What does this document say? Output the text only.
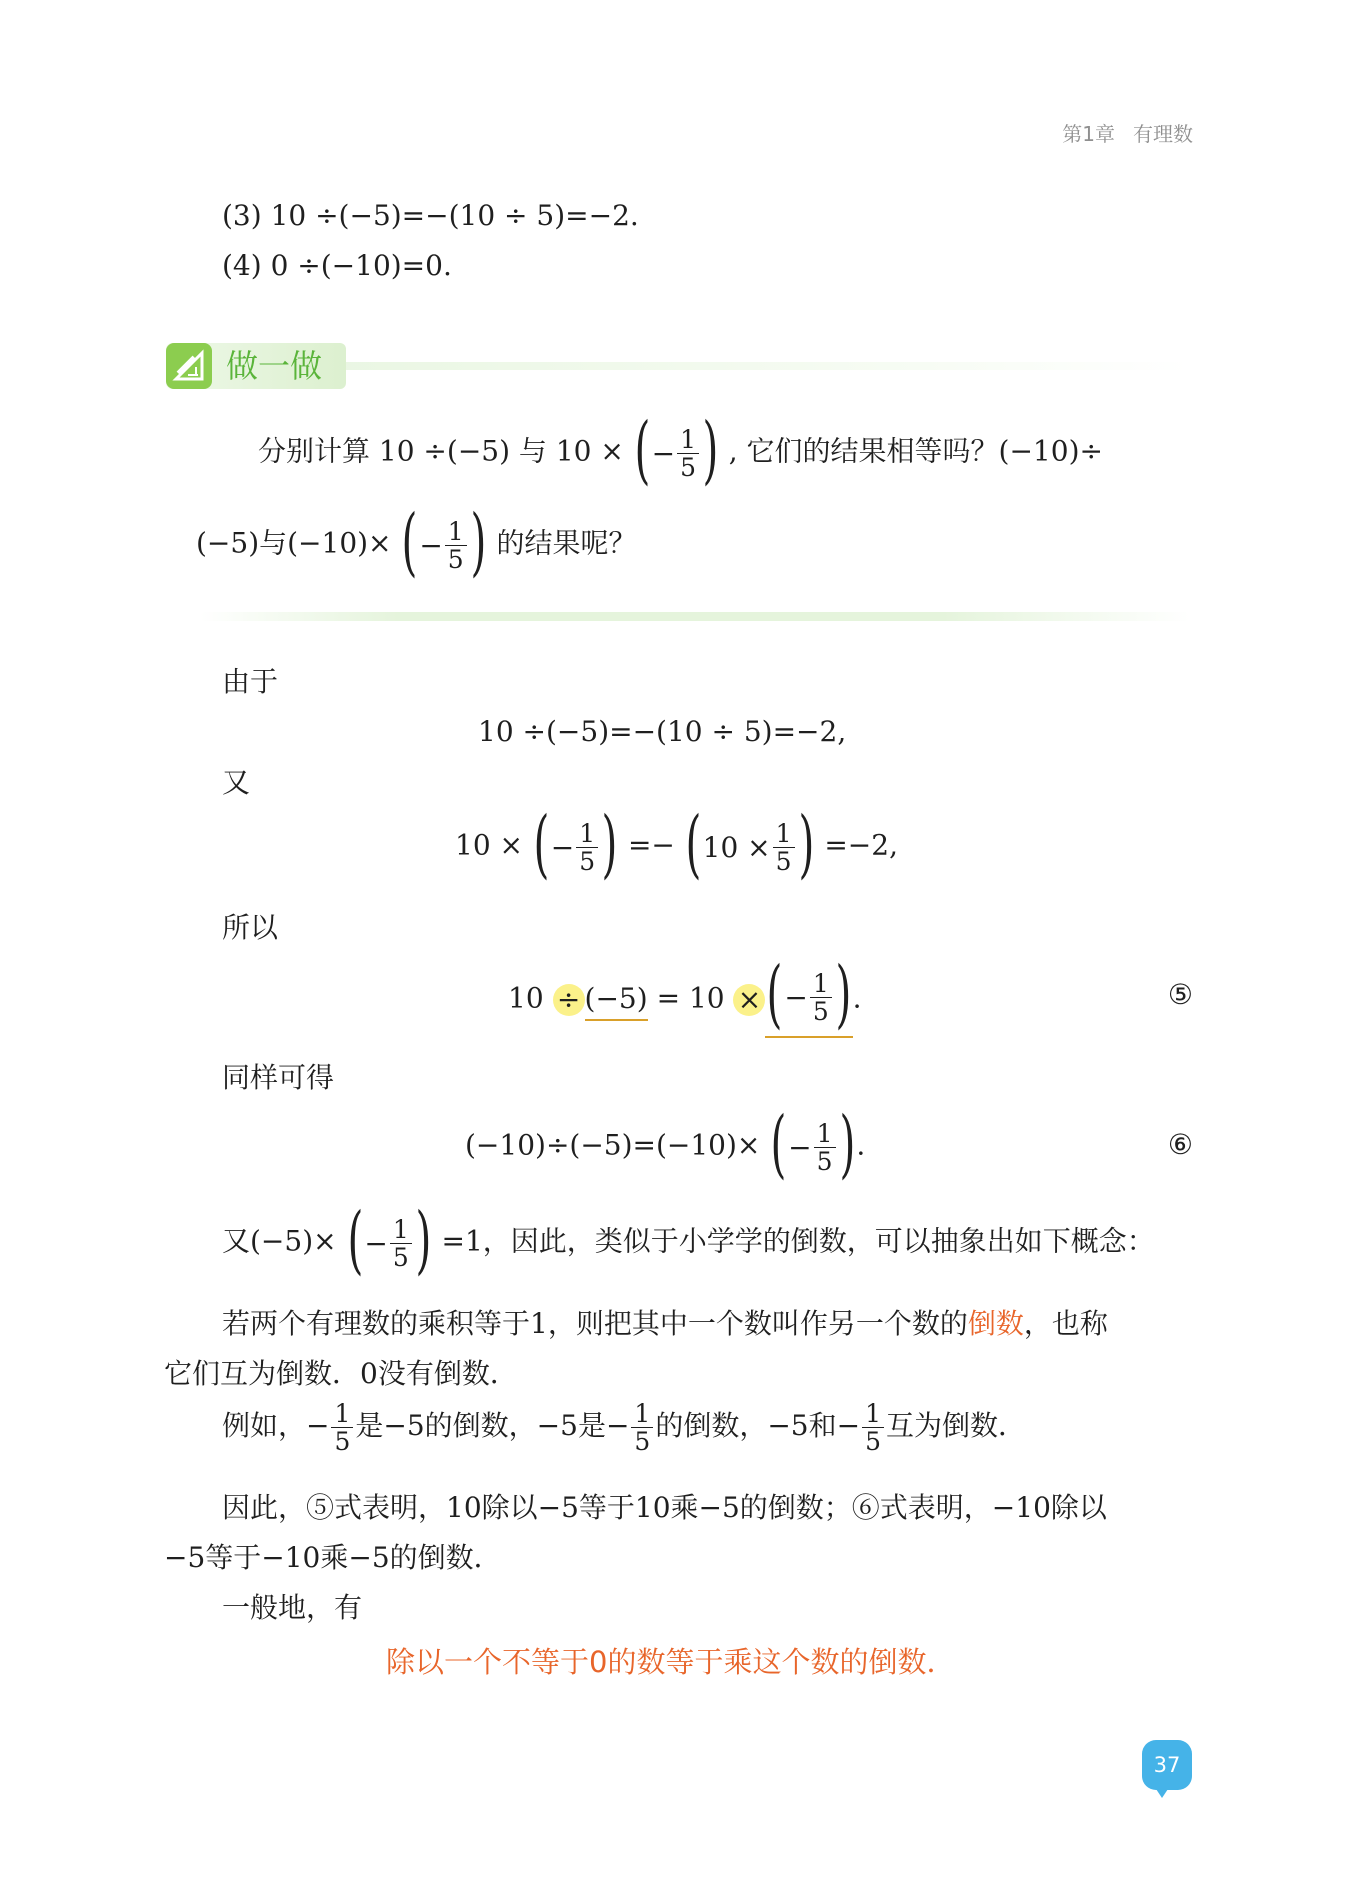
第1章 有理数
(3) 10 ÷(−5)=−(10 ÷ 5)=−2.
(4) 0 ÷(−10)=0.
做一做
分别计算 10 ÷(−5) 与 10 × ( − $\frac{1}{5}$ ) , 它们的结果相等吗？(−10)÷
(−5)与(−10)× ( − $\frac{1}{5}$ ) 的结果呢？
由于
10 ÷(−5)=−(10 ÷ 5)=−2,
又
10 × ( − $\frac{1}{5}$ ) =− ( $10 \times \frac{1}{5}$ ) =−2,
所以
10 ÷ (−5) = 10 × ( − $\frac{1}{5}$ ) .	⑤
同样可得
(−10)÷(−5)=(−10)× ( − $\frac{1}{5}$ ) .	⑥
又(−5)× ( − $\frac{1}{5}$ ) =1，因此，类似于小学学的倒数，可以抽象出如下概念：
若两个有理数的乘积等于1，则把其中一个数叫作另一个数的倒数，也称
它们互为倒数．0没有倒数．
例如，− $\frac{1}{5}$ 是−5的倒数，−5是− $\frac{1}{5}$ 的倒数，−5和− $\frac{1}{5}$ 互为倒数．
因此，⑤式表明，10除以−5等于10乘−5的倒数；⑥式表明，−10除以
−5等于−10乘−5的倒数．
一般地，有
除以一个不等于0的数等于乘这个数的倒数．
37
